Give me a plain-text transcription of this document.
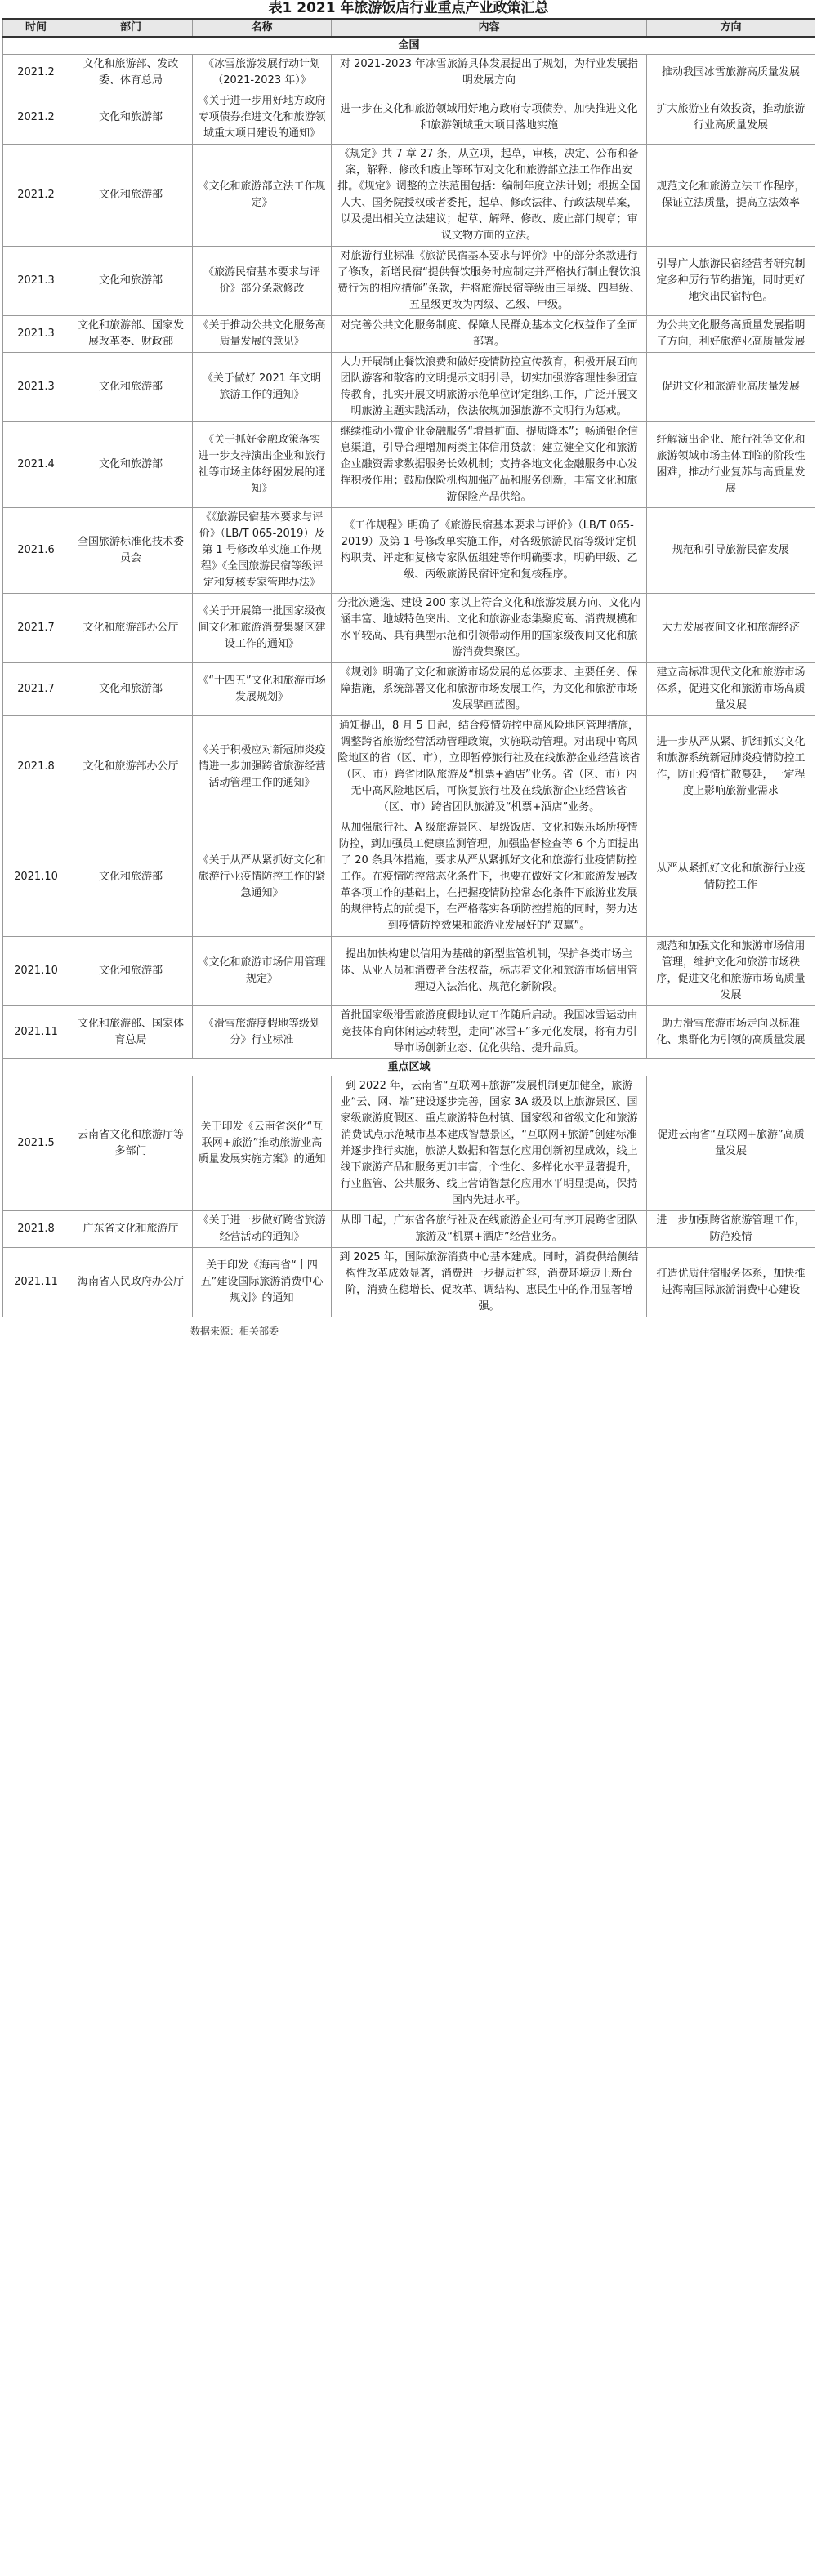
表1 2021 年旅游饭店行业重点产业政策汇总
时间	部门	名称	内容	方向
全国				
2021.2	文化和旅游部、发改委、体育总局	《冰雪旅游发展行动计划（2021-2023 年）》	对 2021-2023 年冰雪旅游具体发展提出了规划，为行业发展指明发展方向	推动我国冰雪旅游高质量发展
2021.2	文化和旅游部	《关于进一步用好地方政府专项债券推进文化和旅游领域重大项目建设的通知》	进一步在文化和旅游领域用好地方政府专项债券，加快推进文化和旅游领域重大项目落地实施	扩大旅游业有效投资，推动旅游行业高质量发展
2021.2	文化和旅游部	《文化和旅游部立法工作规定》	《规定》共 7 章 27 条，从立项，起草，审核，决定、公布和备案，解释、修改和废止等环节对文化和旅游部立法工作作出安排。《规定》调整的立法范围包括：编制年度立法计划；根据全国人大、国务院授权或者委托，起草、修改法律、行政法规草案，以及提出相关立法建议；起草、解释、修改、废止部门规章；审议文物方面的立法。	规范文化和旅游立法工作程序，保证立法质量，提高立法效率
2021.3	文化和旅游部	《旅游民宿基本要求与评价》部分条款修改	对旅游行业标准《旅游民宿基本要求与评价》中的部分条款进行了修改，新增民宿“提供餐饮服务时应制定并严格执行制止餐饮浪费行为的相应措施”条款，并将旅游民宿等级由三星级、四星级、五星级更改为丙级、乙级、甲级。	引导广大旅游民宿经营者研究制定多种厉行节约措施，同时更好地突出民宿特色。
2021.3	文化和旅游部、国家发展改革委、财政部	《关于推动公共文化服务高质量发展的意见》	对完善公共文化服务制度、保障人民群众基本文化权益作了全面部署。	为公共文化服务高质量发展指明了方向，利好旅游业高质量发展
2021.3	文化和旅游部	《关于做好 2021 年文明旅游工作的通知》	大力开展制止餐饮浪费和做好疫情防控宣传教育，积极开展面向团队游客和散客的文明提示文明引导，切实加强游客理性参团宣传教育，扎实开展文明旅游示范单位评定组织工作，广泛开展文明旅游主题实践活动，依法依规加强旅游不文明行为惩戒。	促进文化和旅游业高质量发展
2021.4	文化和旅游部	《关于抓好金融政策落实 进一步支持演出企业和旅行社等市场主体纾困发展的通知》	继续推动小微企业金融服务“增量扩面、提质降本”；畅通银企信息渠道，引导合理增加两类主体信用贷款；建立健全文化和旅游企业融资需求数据服务长效机制；支持各地文化金融服务中心发挥积极作用；鼓励保险机构加强产品和服务创新，丰富文化和旅游保险产品供给。	纾解演出企业、旅行社等文化和旅游领域市场主体面临的阶段性困难，推动行业复苏与高质量发展
2021.6	全国旅游标准化技术委员会	《《旅游民宿基本要求与评价》（LB/T 065-2019）及第 1 号修改单实施工作规程》《全国旅游民宿等级评定和复核专家管理办法》	《工作规程》明确了《旅游民宿基本要求与评价》（LB/T 065-2019）及第 1 号修改单实施工作，对各级旅游民宿等级评定机构职责、评定和复核专家队伍组建等作明确要求，明确甲级、乙级、丙级旅游民宿评定和复核程序。	规范和引导旅游民宿发展
2021.7	文化和旅游部办公厅	《关于开展第一批国家级夜间文化和旅游消费集聚区建设工作的通知》	分批次遴选、建设 200 家以上符合文化和旅游发展方向、文化内涵丰富、地域特色突出、文化和旅游业态集聚度高、消费规模和水平较高、具有典型示范和引领带动作用的国家级夜间文化和旅游消费集聚区。	大力发展夜间文化和旅游经济
2021.7	文化和旅游部	《“十四五”文化和旅游市场发展规划》	《规划》明确了文化和旅游市场发展的总体要求、主要任务、保障措施，系统部署文化和旅游市场发展工作，为文化和旅游市场发展擘画蓝图。	建立高标准现代文化和旅游市场体系，促进文化和旅游市场高质量发展
2021.8	文化和旅游部办公厅	《关于积极应对新冠肺炎疫情进一步加强跨省旅游经营活动管理工作的通知》	通知提出，8 月 5 日起，结合疫情防控中高风险地区管理措施，调整跨省旅游经营活动管理政策，实施联动管理。对出现中高风险地区的省（区、市），立即暂停旅行社及在线旅游企业经营该省（区、市）跨省团队旅游及“机票+酒店”业务。省（区、市）内无中高风险地区后，可恢复旅行社及在线旅游企业经营该省（区、市）跨省团队旅游及“机票+酒店”业务。	进一步从严从紧、抓细抓实文化和旅游系统新冠肺炎疫情防控工作，防止疫情扩散蔓延，一定程度上影响旅游业需求
2021.10	文化和旅游部	《关于从严从紧抓好文化和旅游行业疫情防控工作的紧急通知》	从加强旅行社、A 级旅游景区、星级饭店、文化和娱乐场所疫情防控，到加强员工健康监测管理，加强监督检查等 6 个方面提出了 20 条具体措施，要求从严从紧抓好文化和旅游行业疫情防控工作。在疫情防控常态化条件下，也要在做好文化和旅游发展改革各项工作的基础上，在把握疫情防控常态化条件下旅游业发展的规律特点的前提下，在严格落实各项防控措施的同时，努力达到疫情防控效果和旅游业发展好的“双赢”。	从严从紧抓好文化和旅游行业疫情防控工作
2021.10	文化和旅游部	《文化和旅游市场信用管理规定》	提出加快构建以信用为基础的新型监管机制，保护各类市场主体、从业人员和消费者合法权益，标志着文化和旅游市场信用管理迈入法治化、规范化新阶段。	规范和加强文化和旅游市场信用管理，维护文化和旅游市场秩序，促进文化和旅游市场高质量发展
2021.11	文化和旅游部、国家体育总局	《滑雪旅游度假地等级划分》行业标准	首批国家级滑雪旅游度假地认定工作随后启动。我国冰雪运动由竞技体育向休闲运动转型，走向“冰雪+”多元化发展，将有力引导市场创新业态、优化供给、提升品质。	助力滑雪旅游市场走向以标准化、集群化为引领的高质量发展
重点区域				
2021.5	云南省文化和旅游厅等多部门	关于印发《云南省深化“互联网+旅游”推动旅游业高质量发展实施方案》的通知	到 2022 年，云南省“互联网+旅游”发展机制更加健全，旅游业“云、网、端”建设逐步完善，国家 3A 级及以上旅游景区、国家级旅游度假区、重点旅游特色村镇、国家级和省级文化和旅游消费试点示范城市基本建成智慧景区，“互联网+旅游”创建标准并逐步推行实施，旅游大数据和智慧化应用创新初显成效，线上线下旅游产品和服务更加丰富，个性化、多样化水平显著提升，行业监管、公共服务、线上营销智慧化应用水平明显提高，保持国内先进水平。	促进云南省“互联网+旅游”高质量发展
2021.8	广东省文化和旅游厅	《关于进一步做好跨省旅游经营活动的通知》	从即日起，广东省各旅行社及在线旅游企业可有序开展跨省团队旅游及“机票+酒店”经营业务。	进一步加强跨省旅游管理工作，防范疫情
2021.11	海南省人民政府办公厅	关于印发《海南省“十四五”建设国际旅游消费中心规划》的通知	到 2025 年，国际旅游消费中心基本建成。同时，消费供给侧结构性改革成效显著，消费进一步提质扩容，消费环境迈上新台阶，消费在稳增长、促改革、调结构、惠民生中的作用显著增强。	打造优质住宿服务体系，加快推进海南国际旅游消费中心建设
数据来源：相关部委
